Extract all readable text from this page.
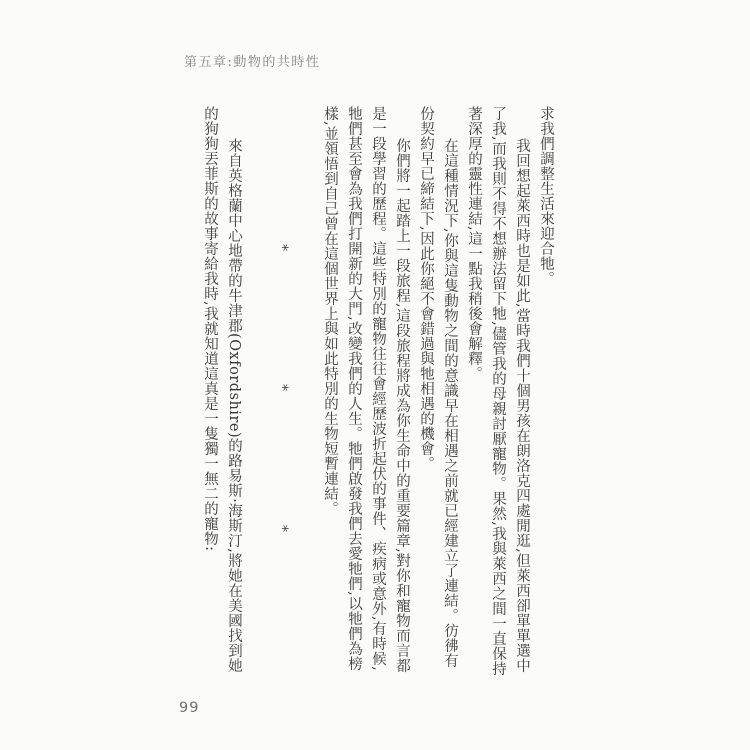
第五章:動物的共時性

求我們調整生活來迎合牠。

我回想起萊西時也是如此,當時我們十個男孩在朗洛克四處閒逛,但萊西卻單單選中了我,而我則不得不想辦法留下牠,儘管我的母親討厭寵物。果然,我與萊西之間一直保持著深厚的靈性連結,這一點我稍後會解釋。

在這種情況下,你與這隻動物之間的意識早在相遇之前就已經建立了連結。彷彿有份契約早已締結下,因此你絕不會錯過與牠相遇的機會。

你們將一起踏上一段旅程,這段旅程將成為你生命中的重要篇章,對你和寵物而言都是一段學習的歷程。這些特別的寵物往往會經歷波折起伏的事件、疾病或意外,有時候,牠們甚至會為我們打開新的大門,改變我們的人生。牠們啟發我們去愛牠們,以牠們為榜樣,並領悟到自己曾在這個世界上與如此特別的生物短暫連結。

* * *

來自英格蘭中心地帶的牛津郡(Oxfordshire)的路易斯·海斯汀,將她在美國找到她的狗狗丟菲斯的故事寄給我時,我就知道這真是一隻獨一無二的寵物:

99
